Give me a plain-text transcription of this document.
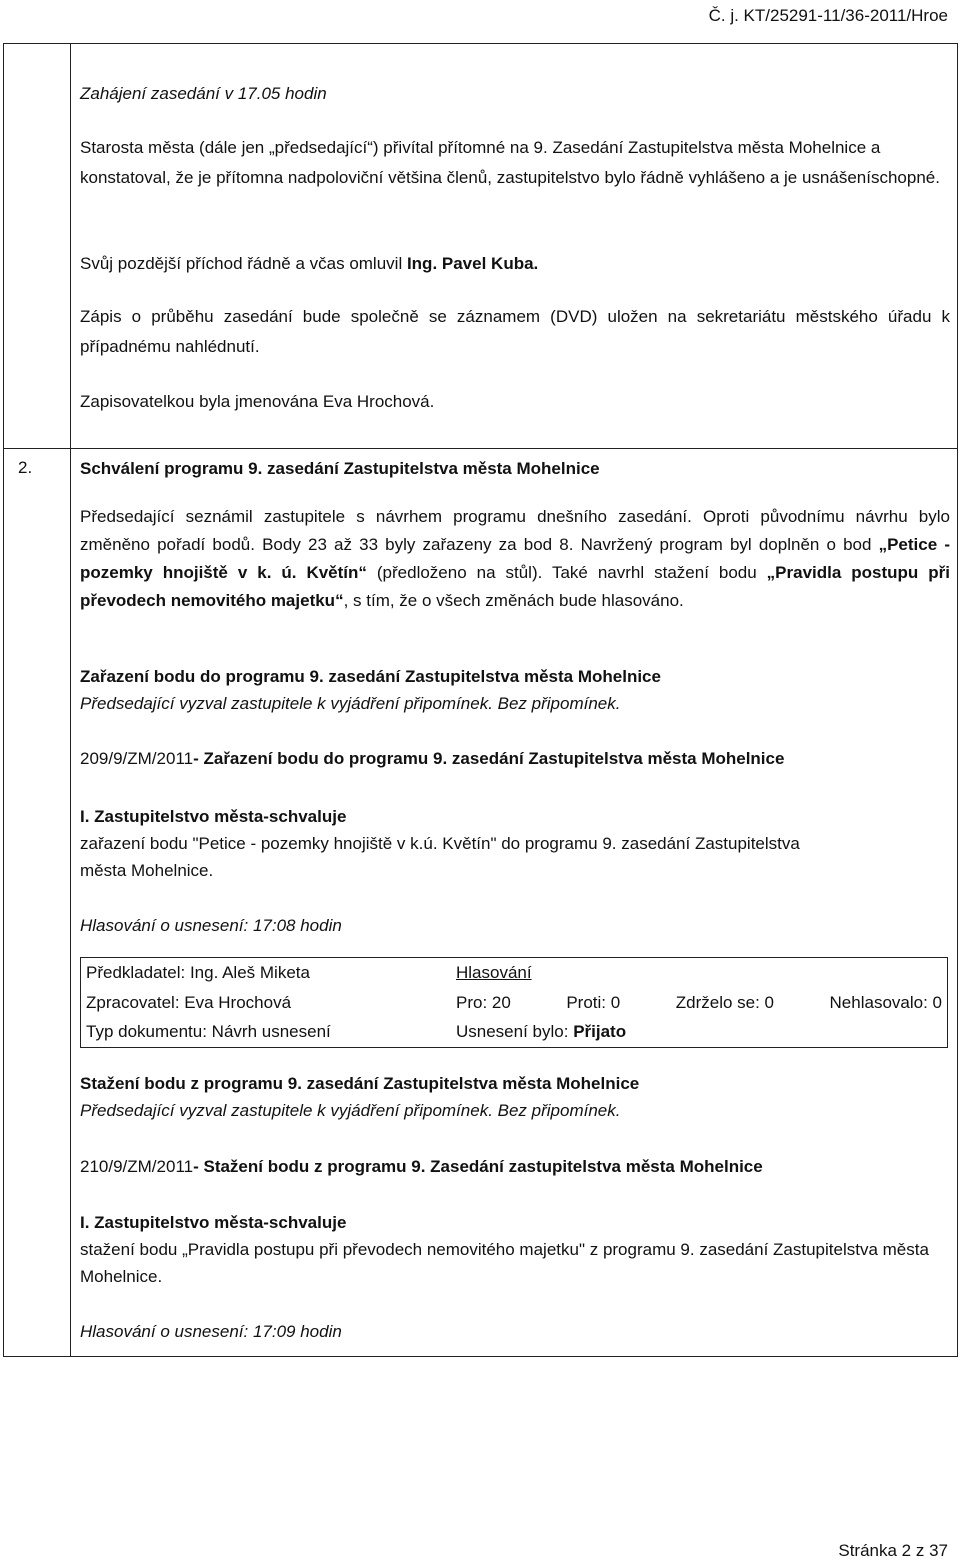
Č. j. KT/25291-11/36-2011/Hroe
2.

Zahájení zasedání v 17.05 hodin

Starosta města (dále jen „předsedající“) přivítal přítomné na 9. Zasedání Zastupitelstva města Mohelnice a konstatoval, že je přítomna nadpoloviční většina členů, zastupitelstvo bylo řádně vyhlášeno a je usnášeníschopné.

Svůj pozdější příchod řádně a včas omluvil Ing. Pavel Kuba.

Zápis o průběhu zasedání bude společně se záznamem (DVD) uložen na sekretariátu městského úřadu k případnému nahlédnutí.

Zapisovatelkou byla jmenována Eva Hrochová.

Schválení programu 9. zasedání Zastupitelstva města Mohelnice

Předsedající seznámil zastupitele s návrhem programu dnešního zasedání. Oproti původnímu návrhu bylo změněno pořadí bodů. Body 23 až 33 byly zařazeny za bod 8. Navržený program byl doplněn o bod „Petice - pozemky hnojiště v k. ú. Květín“ (předloženo na stůl). Také navrhl stažení bodu „Pravidla postupu při převodech nemovitého majetku“, s tím, že o všech změnách bude hlasováno.

Zařazení bodu do programu 9. zasedání Zastupitelstva města Mohelnice

Předsedající vyzval zastupitele k vyjádření připomínek. Bez připomínek.

209/9/ZM/2011- Zařazení bodu do programu 9. zasedání Zastupitelstva města Mohelnice

I. Zastupitelstvo města-schvaluje

zařazení bodu "Petice - pozemky hnojiště v k.ú. Květín" do programu 9. zasedání Zastupitelstva města Mohelnice.

Hlasování o usnesení: 17:08 hodin

Předkladatel: Ing. Aleš Miketa	Hlasování
Zpracovatel: Eva Hrochová	Pro: 20 Proti: 0 Zdrželo se: 0 Nehlasovalo: 0

Typ dokumentu: Návrh usnesení	Usnesení bylo: Přijato

Stažení bodu z programu 9. zasedání Zastupitelstva města Mohelnice

Předsedající vyzval zastupitele k vyjádření připomínek. Bez připomínek.

210/9/ZM/2011- Stažení bodu z programu 9. Zasedání zastupitelstva města Mohelnice

I. Zastupitelstvo města-schvaluje

stažení bodu „Pravidla postupu při převodech nemovitého majetku" z programu 9. zasedání Zastupitelstva města Mohelnice.

Hlasování o usnesení: 17:09 hodin

Stránka 2 z 37
